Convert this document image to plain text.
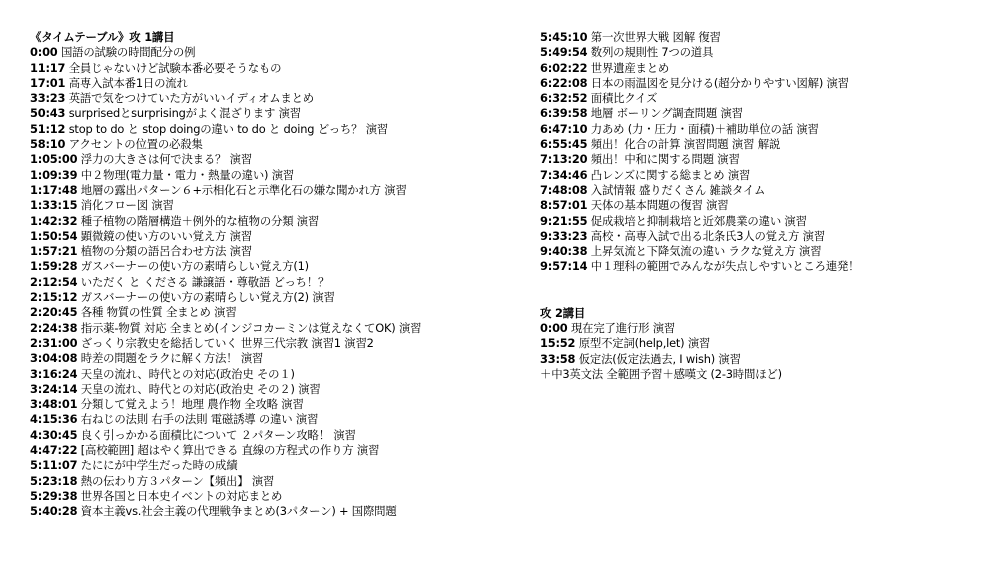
《タイムテーブル》攻 1講目
0:00 国語の試験の時間配分の例
11:17 全員じゃないけど試験本番必要そうなもの
17:01 高専入試本番1日の流れ
33:23 英語で気をつけていた方がいいイディオムまとめ
50:43 surprisedとsurprisingがよく混ざります 演習
51:12 stop to do と stop doingの違い to do と doing どっち？ 演習
58:10 アクセントの位置の必殺集
1:05:00 浮力の大きさは何で決まる？ 演習
1:09:39 中２物理(電力量・電力・熱量の違い) 演習
1:17:48 地層の露出パターン６+示相化石と示準化石の嫌な聞かれ方 演習
1:33:15 消化フロー図 演習
1:42:32 種子植物の階層構造＋例外的な植物の分類 演習
1:50:54 顕微鏡の使い方のいい覚え方 演習
1:57:21 植物の分類の語呂合わせ方法 演習
1:59:28 ガスバーナーの使い方の素晴らしい覚え方(1)
2:12:54 いただく と くださる 謙譲語・尊敬語 どっち！？
2:15:12 ガスバーナーの使い方の素晴らしい覚え方(2) 演習
2:20:45 各種 物質の性質 全まとめ 演習
2:24:38 指示薬-物質 対応 全まとめ(インジコカーミンは覚えなくてOK) 演習
2:31:00 ざっくり宗教史を総括していく 世界三代宗教 演習1 演習2
3:04:08 時差の問題をラクに解く方法！ 演習
3:16:24 天皇の流れ、時代との対応(政治史 その１)
3:24:14 天皇の流れ、時代との対応(政治史 その２) 演習
3:48:01 分類して覚えよう！地理 農作物 全攻略 演習
4:15:36 右ねじの法則 右手の法則 電磁誘導 の違い 演習
4:30:45 良く引っかかる面積比について ２パターン攻略！ 演習
4:47:22 [高校範囲] 超はやく算出できる 直線の方程式の作り方 演習
5:11:07 たににが中学生だった時の成績
5:23:18 熱の伝わり方３パターン【頻出】 演習
5:29:38 世界各国と日本史イベントの対応まとめ
5:40:28 資本主義vs.社会主義の代理戦争まとめ(3パターン) + 国際問題
5:45:10 第一次世界大戦 図解 復習
5:49:54 数列の規則性 7つの道具
6:02:22 世界遺産まとめ
6:22:08 日本の雨温図を見分ける(超分かりやすい図解) 演習
6:32:52 面積比クイズ
6:39:58 地層 ボーリング調査問題 演習
6:47:10 力あめ (力・圧力・面積)＋補助単位の話 演習
6:55:45 頻出！化合の計算 演習問題 演習 解説
7:13:20 頻出！中和に関する問題 演習
7:34:46 凸レンズに関する総まとめ 演習
7:48:08 入試情報 盛りだくさん 雑談タイム
8:57:01 天体の基本問題の復習 演習
9:21:55 促成栽培と抑制栽培と近郊農業の違い 演習
9:33:23 高校・高専入試で出る北条氏3人の覚え方 演習
9:40:38 上昇気流と下降気流の違い ラクな覚え方 演習
9:57:14 中１理科の範囲でみんなが失点しやすいところ連発！
攻 2講目
0:00 現在完了進行形 演習
15:52 原型不定詞(help,let) 演習
33:58 仮定法(仮定法過去, I wish) 演習
＋中3英文法 全範囲予習＋感嘆文 (2-3時間ほど)
